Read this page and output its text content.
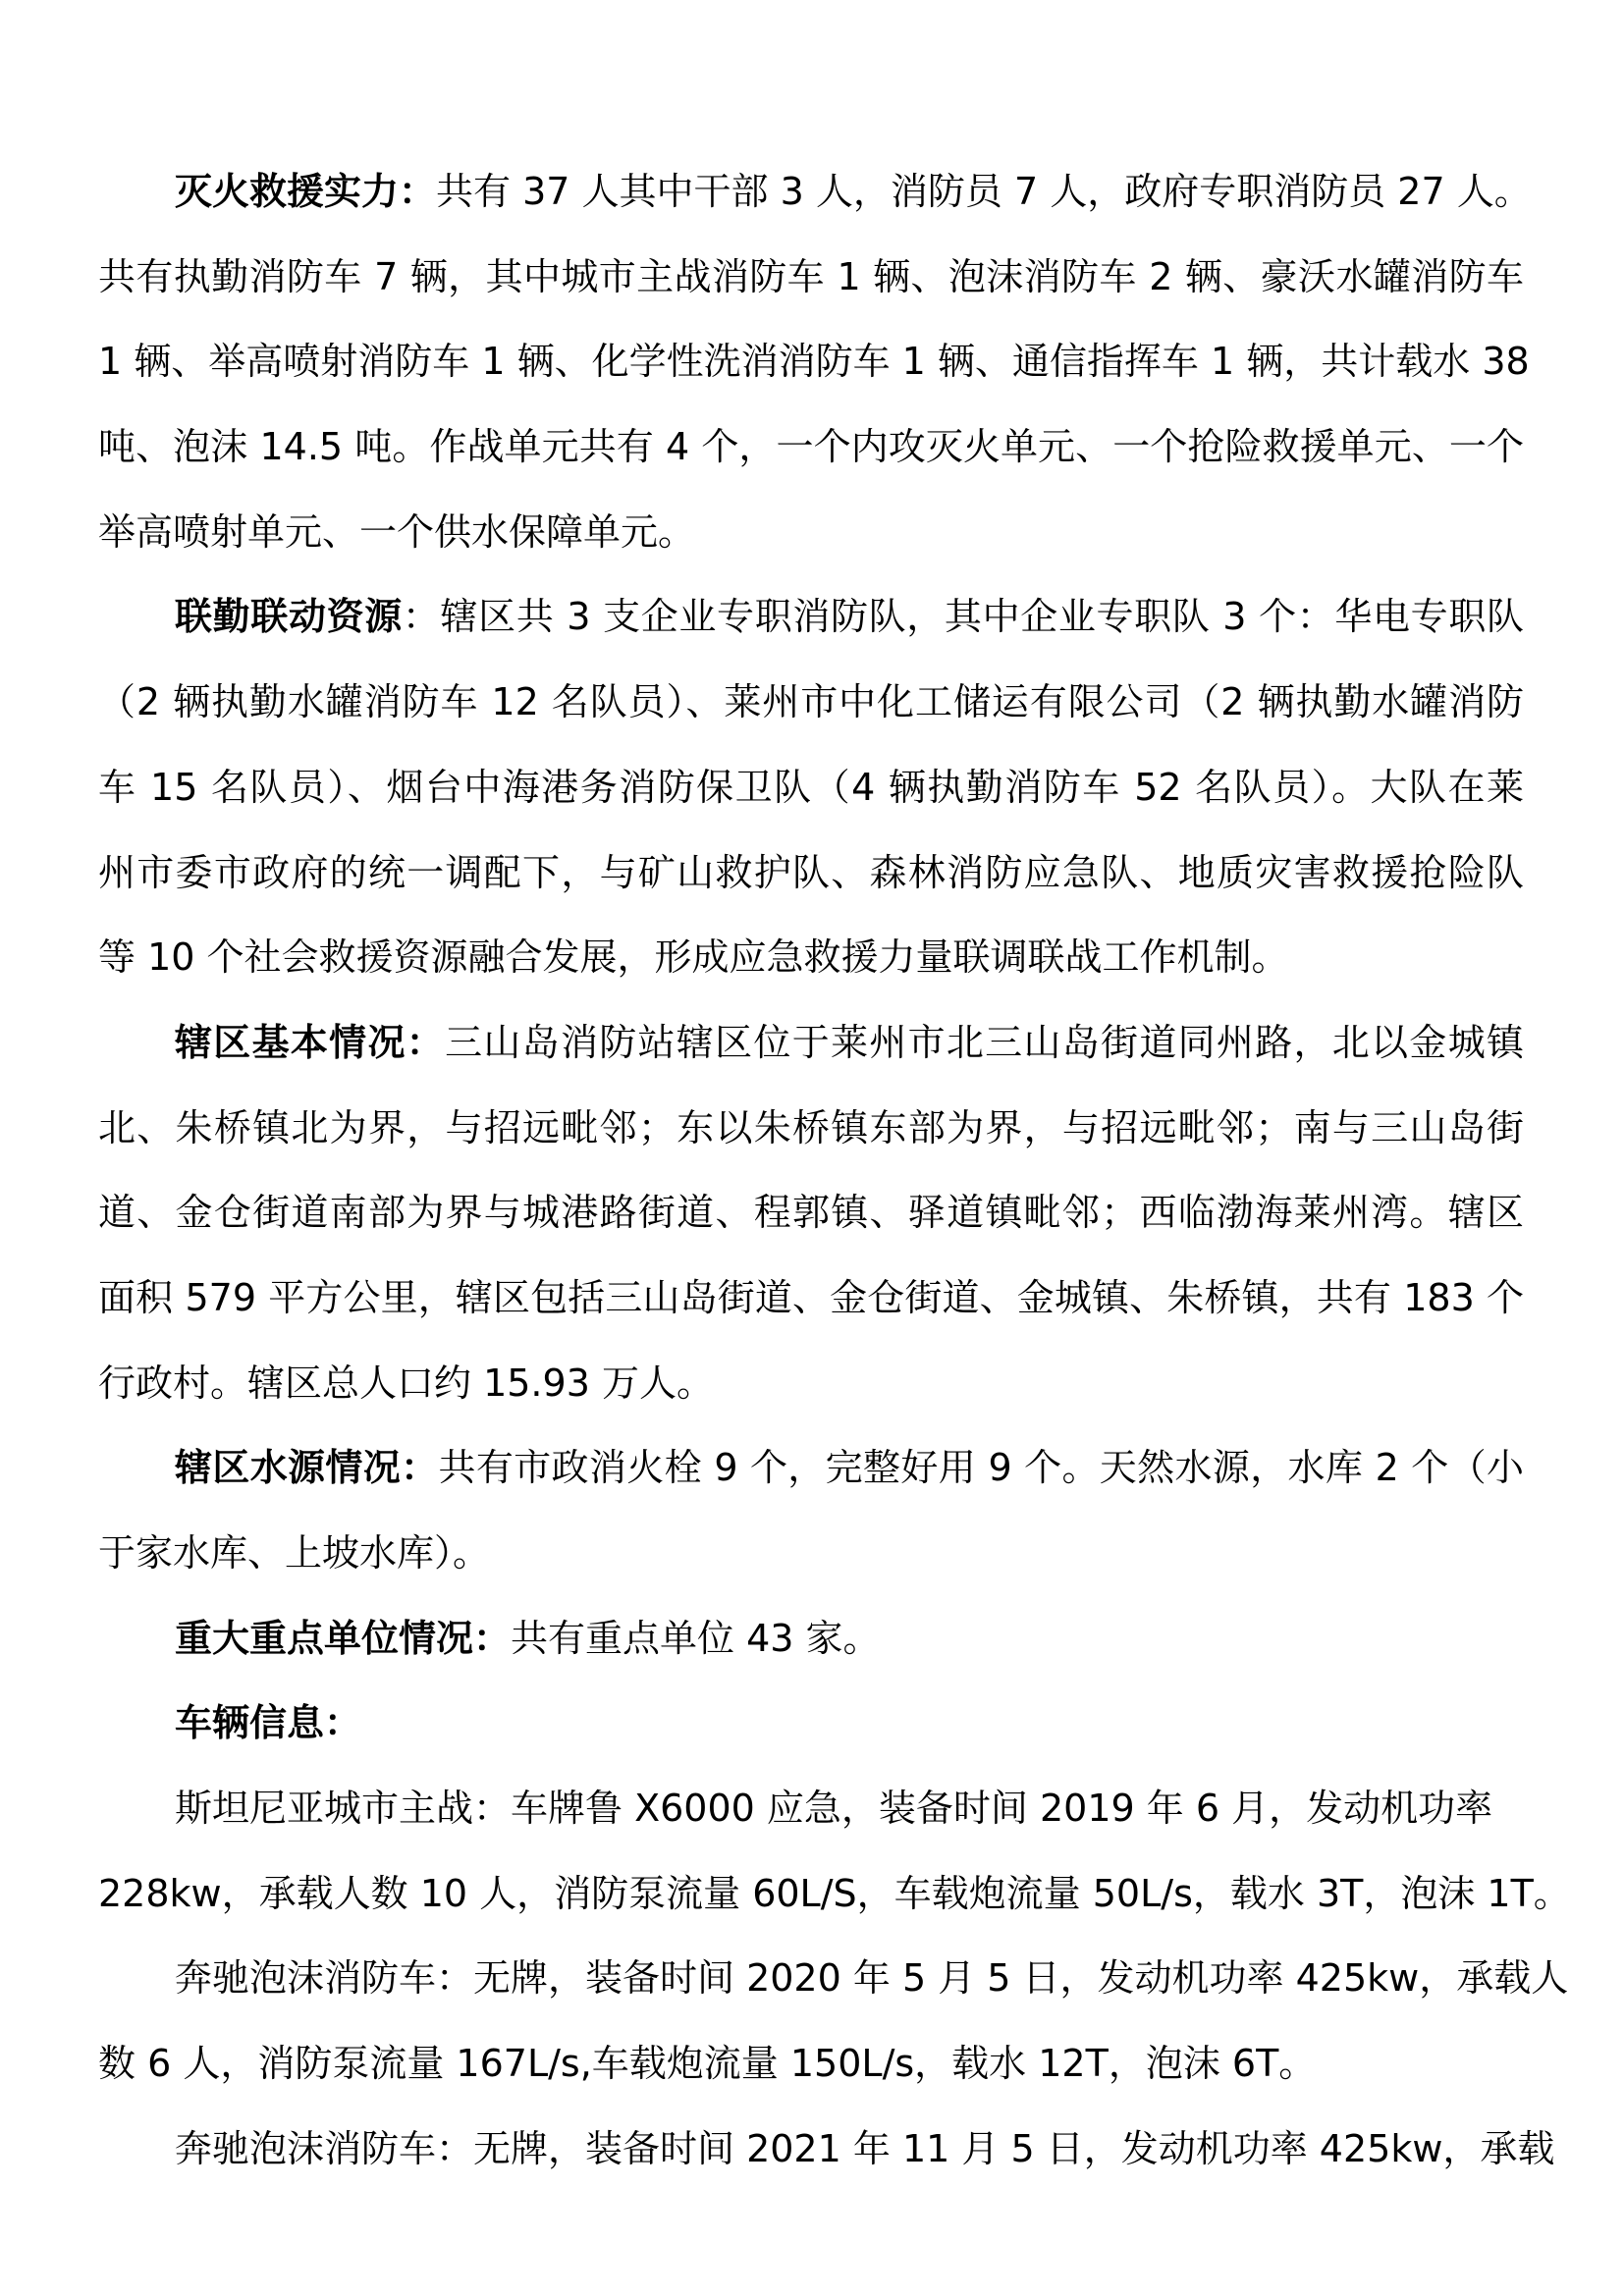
灭火救援实力：共有 37 人其中干部 3 人，消防员 7 人，政府专职消防员 27 人。
共有执勤消防车 7 辆，其中城市主战消防车 1 辆、泡沫消防车 2 辆、豪沃水罐消防车
1 辆、举高喷射消防车 1 辆、化学性洗消消防车 1 辆、通信指挥车 1 辆，共计载水 38
吨、泡沫 14.5 吨。作战单元共有 4 个，一个内攻灭火单元、一个抢险救援单元、一个
举高喷射单元、一个供水保障单元。
联勤联动资源：辖区共 3 支企业专职消防队，其中企业专职队 3 个：华电专职队
（2 辆执勤水罐消防车 12 名队员）、莱州市中化工储运有限公司（2 辆执勤水罐消防
车 15 名队员）、烟台中海港务消防保卫队（4 辆执勤消防车 52 名队员）。大队在莱
州市委市政府的统一调配下，与矿山救护队、森林消防应急队、地质灾害救援抢险队
等 10 个社会救援资源融合发展，形成应急救援力量联调联战工作机制。
辖区基本情况：三山岛消防站辖区位于莱州市北三山岛街道同州路，北以金城镇
北、朱桥镇北为界，与招远毗邻；东以朱桥镇东部为界，与招远毗邻；南与三山岛街
道、金仓街道南部为界与城港路街道、程郭镇、驿道镇毗邻；西临渤海莱州湾。辖区
面积 579 平方公里，辖区包括三山岛街道、金仓街道、金城镇、朱桥镇，共有 183 个
行政村。辖区总人口约 15.93 万人。
辖区水源情况：共有市政消火栓 9 个，完整好用 9 个。天然水源，水库 2 个（小
于家水库、上坡水库）。
重大重点单位情况：共有重点单位 43 家。
车辆信息：
斯坦尼亚城市主战：车牌鲁 X6000 应急，装备时间 2019 年 6 月，发动机功率
228kw，承载人数 10 人，消防泵流量 60L/S，车载炮流量 50L/s，载水 3T，泡沫 1T。
奔驰泡沫消防车：无牌，装备时间 2020 年 5 月 5 日，发动机功率 425kw，承载人
数 6 人，消防泵流量 167L/s,车载炮流量 150L/s，载水 12T，泡沫 6T。
奔驰泡沫消防车：无牌，装备时间 2021 年 11 月 5 日，发动机功率 425kw，承载
